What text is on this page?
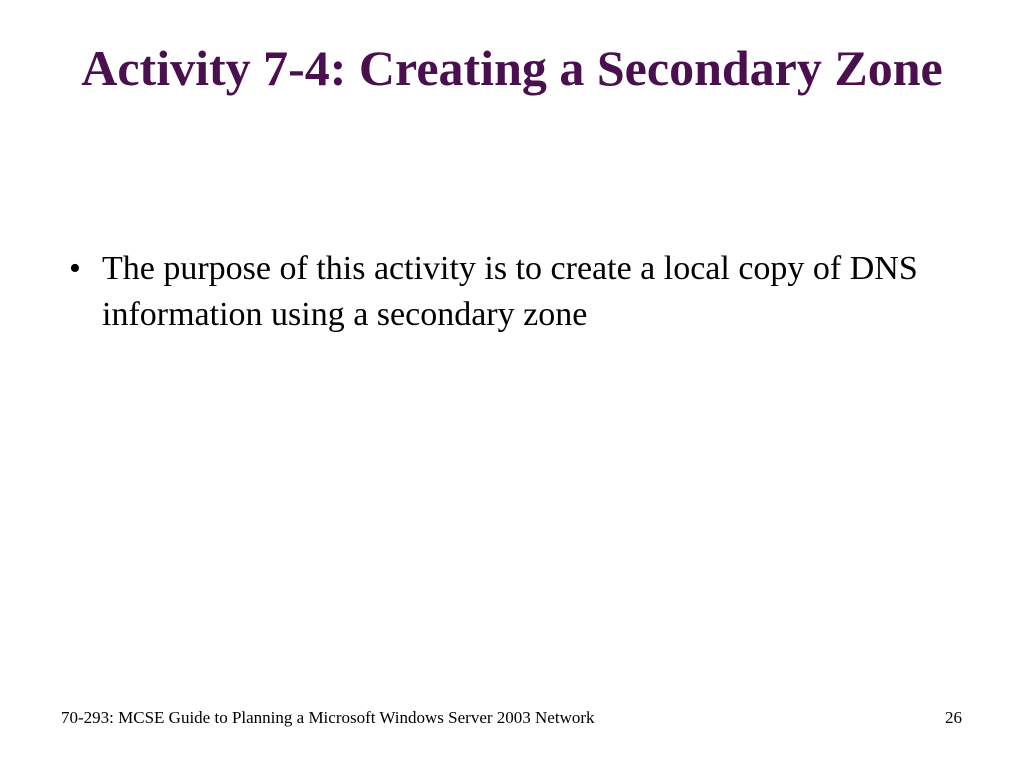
Activity 7-4: Creating a Secondary Zone
• The purpose of this activity is to create a local copy of DNS information using a secondary zone
70-293: MCSE Guide to Planning a Microsoft Windows Server 2003 Network	26
